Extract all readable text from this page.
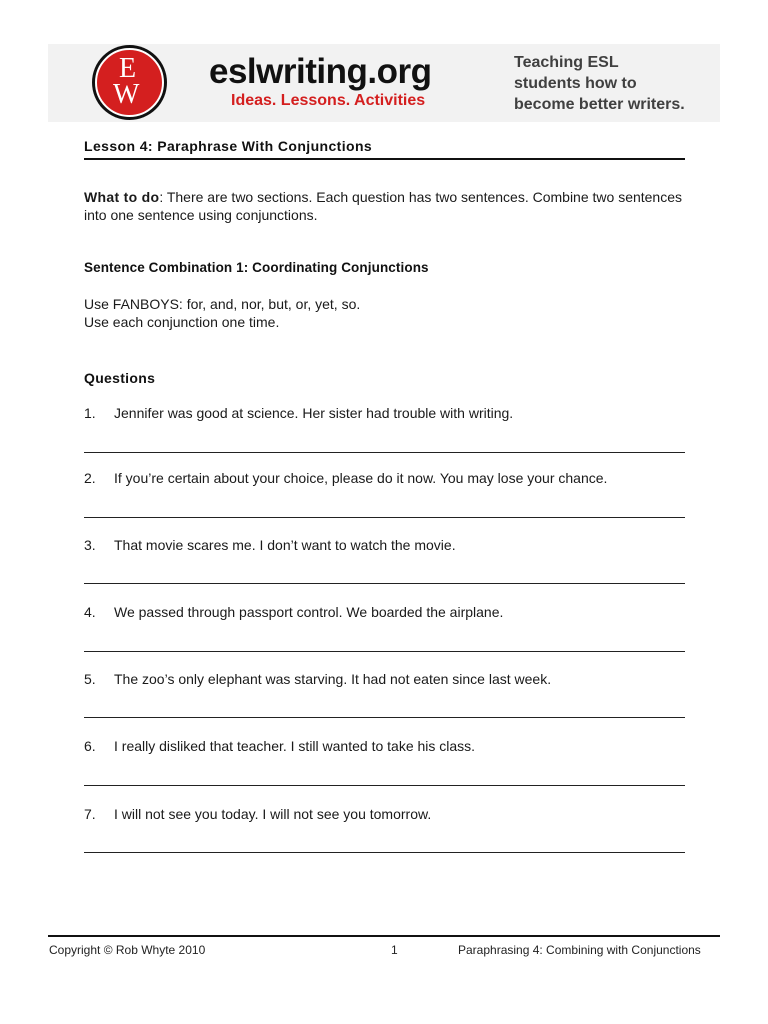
E
W
eslwriting.org
Ideas. Lessons. Activities
Teaching ESL
students how to
become better writers.
Lesson 4: Paraphrase With Conjunctions
What to do: There are two sections. Each question has two sentences. Combine two sentences into one sentence using conjunctions.
Sentence Combination 1: Coordinating Conjunctions
Use FANBOYS: for, and, nor, but, or, yet, so.
Use each conjunction one time.
Questions
1. Jennifer was good at science. Her sister had trouble with writing.
2. If you’re certain about your choice, please do it now. You may lose your chance.
3. That movie scares me. I don’t want to watch the movie.
4. We passed through passport control. We boarded the airplane.
5. The zoo’s only elephant was starving. It had not eaten since last week.
6. I really disliked that teacher. I still wanted to take his class.
7. I will not see you today. I will not see you tomorrow.
Copyright © Rob Whyte 2010	1	Paraphrasing 4: Combining with Conjunctions
